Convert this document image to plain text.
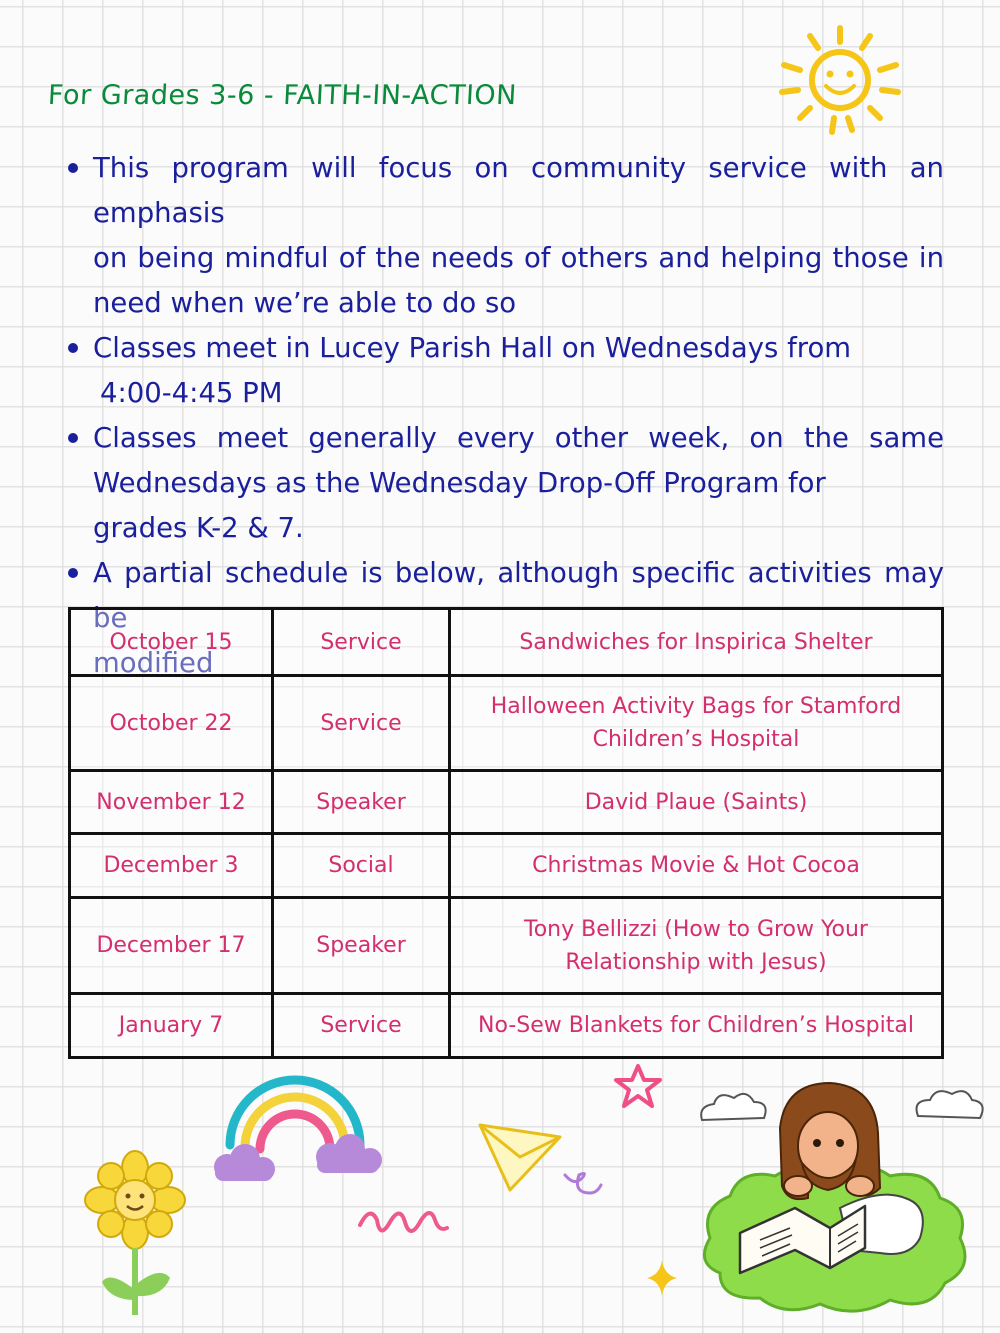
For Grades 3-6 - FAITH-IN-ACTION
This program will focus on community service with an emphasis
on being mindful of the needs of others and helping those in
need when we’re able to do so
Classes meet in Lucey Parish Hall on Wednesdays from
4:00-4:45 PM
Classes meet generally every other week, on the same
Wednesdays as the Wednesday Drop-Off Program for
grades K-2 & 7.
A partial schedule is below, although specific activities may be
modified
October 15	Service	Sandwiches for Inspirica Shelter
October 22	Service	Halloween Activity Bags for Stamford
Children’s Hospital
November 12	Speaker	David Plaue (Saints)
December 3	Social	Christmas Movie & Hot Cocoa
December 17	Speaker	Tony Bellizzi (How to Grow Your
Relationship with Jesus)
January 7	Service	No-Sew Blankets for Children’s Hospital
